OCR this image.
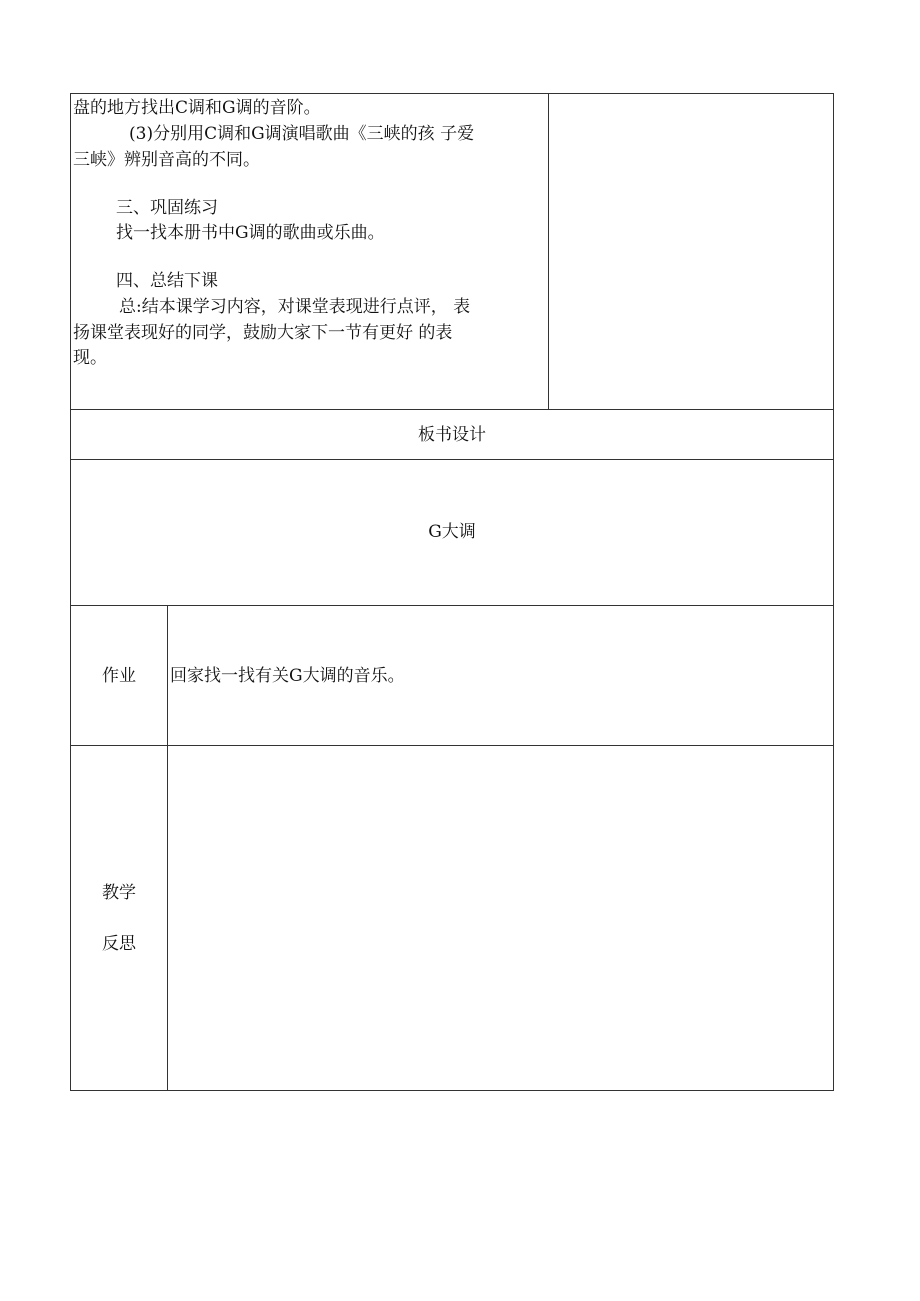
盘的地方找出C调和G调的音阶。
(3)分别用C调和G调演唱歌曲《三峡的孩 子爱
三峡》辨别音高的不同。
三、巩固练习
找一找本册书中G调的歌曲或乐曲。
四、总结下课
总:结本课学习内容，对课堂表现进行点评， 表
扬课堂表现好的同学，鼓励大家下一节有更好 的表
现。
板书设计
G大调
作业	回家找一找有关G大调的音乐。
教学
反思
